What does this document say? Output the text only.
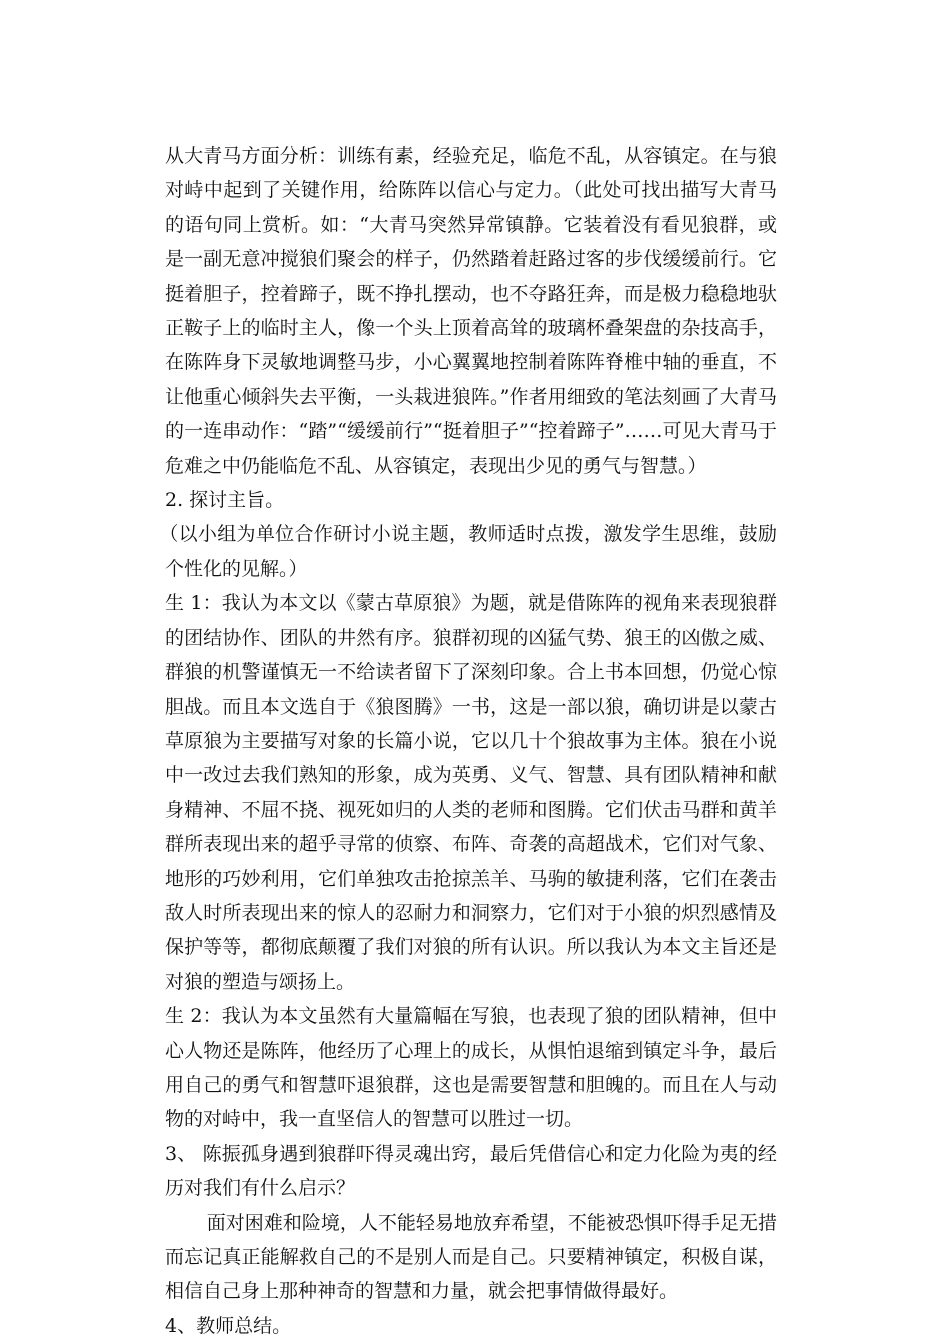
从大青马方面分析：训练有素，经验充足，临危不乱，从容镇定。在与狼对峙中起到了关键作用，给陈阵以信心与定力。（此处可找出描写大青马的语句同上赏析。如：“大青马突然异常镇静。它装着没有看见狼群，或是一副无意冲搅狼们聚会的样子，仍然踏着赶路过客的步伐缓缓前行。它挺着胆子，控着蹄子，既不挣扎摆动，也不夺路狂奔，而是极力稳稳地驮正鞍子上的临时主人，像一个头上顶着高耸的玻璃杯叠架盘的杂技高手，在陈阵身下灵敏地调整马步，小心翼翼地控制着陈阵脊椎中轴的垂直，不让他重心倾斜失去平衡，一头栽进狼阵。”作者用细致的笔法刻画了大青马的一连串动作：“踏”“缓缓前行”“挺着胆子”“控着蹄子”……可见大青马于危难之中仍能临危不乱、从容镇定，表现出少见的勇气与智慧。）

2. 探讨主旨。

（以小组为单位合作研讨小说主题，教师适时点拨，激发学生思维，鼓励个性化的见解。）

生 1：我认为本文以《蒙古草原狼》为题，就是借陈阵的视角来表现狼群的团结协作、团队的井然有序。狼群初现的凶猛气势、狼王的凶傲之威、群狼的机警谨慎无一不给读者留下了深刻印象。合上书本回想，仍觉心惊胆战。而且本文选自于《狼图腾》一书，这是一部以狼，确切讲是以蒙古草原狼为主要描写对象的长篇小说，它以几十个狼故事为主体。狼在小说中一改过去我们熟知的形象，成为英勇、义气、智慧、具有团队精神和献身精神、不屈不挠、视死如归的人类的老师和图腾。它们伏击马群和黄羊群所表现出来的超乎寻常的侦察、布阵、奇袭的高超战术，它们对气象、地形的巧妙利用，它们单独攻击抢掠羔羊、马驹的敏捷利落，它们在袭击敌人时所表现出来的惊人的忍耐力和洞察力，它们对于小狼的炽烈感情及保护等等，都彻底颠覆了我们对狼的所有认识。所以我认为本文主旨还是对狼的塑造与颂扬上。

生 2：我认为本文虽然有大量篇幅在写狼，也表现了狼的团队精神，但中心人物还是陈阵，他经历了心理上的成长，从惧怕退缩到镇定斗争，最后用自己的勇气和智慧吓退狼群，这也是需要智慧和胆魄的。而且在人与动物的对峙中，我一直坚信人的智慧可以胜过一切。

3、 陈振孤身遇到狼群吓得灵魂出窍，最后凭借信心和定力化险为夷的经历对我们有什么启示？

面对困难和险境，人不能轻易地放弃希望，不能被恐惧吓得手足无措而忘记真正能解救自己的不是别人而是自己。只要精神镇定，积极自谋，相信自己身上那种神奇的智慧和力量，就会把事情做得最好。

4、教师总结。
